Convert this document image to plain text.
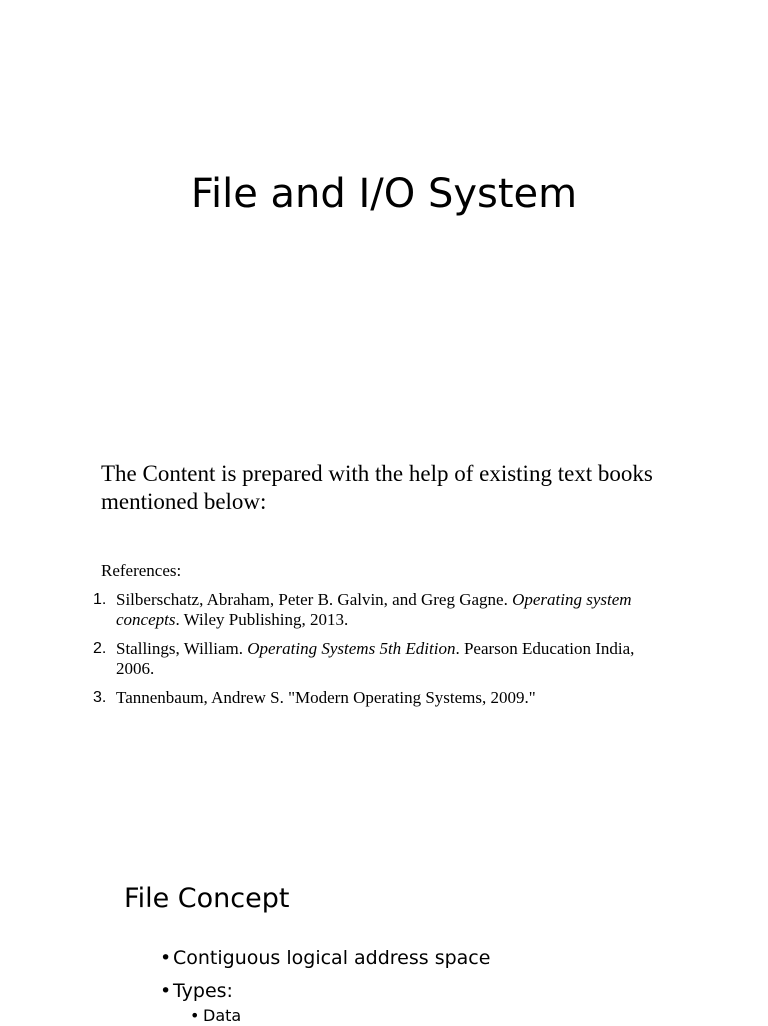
File and I/O System
The Content is prepared with the help of existing text books mentioned below:
References:
1. Silberschatz, Abraham, Peter B. Galvin, and Greg Gagne. Operating system concepts. Wiley Publishing, 2013.
2. Stallings, William. Operating Systems 5th Edition. Pearson Education India, 2006.
3. Tannenbaum, Andrew S. "Modern Operating Systems, 2009."
File Concept
•Contiguous logical address space
•Types:
• Data
